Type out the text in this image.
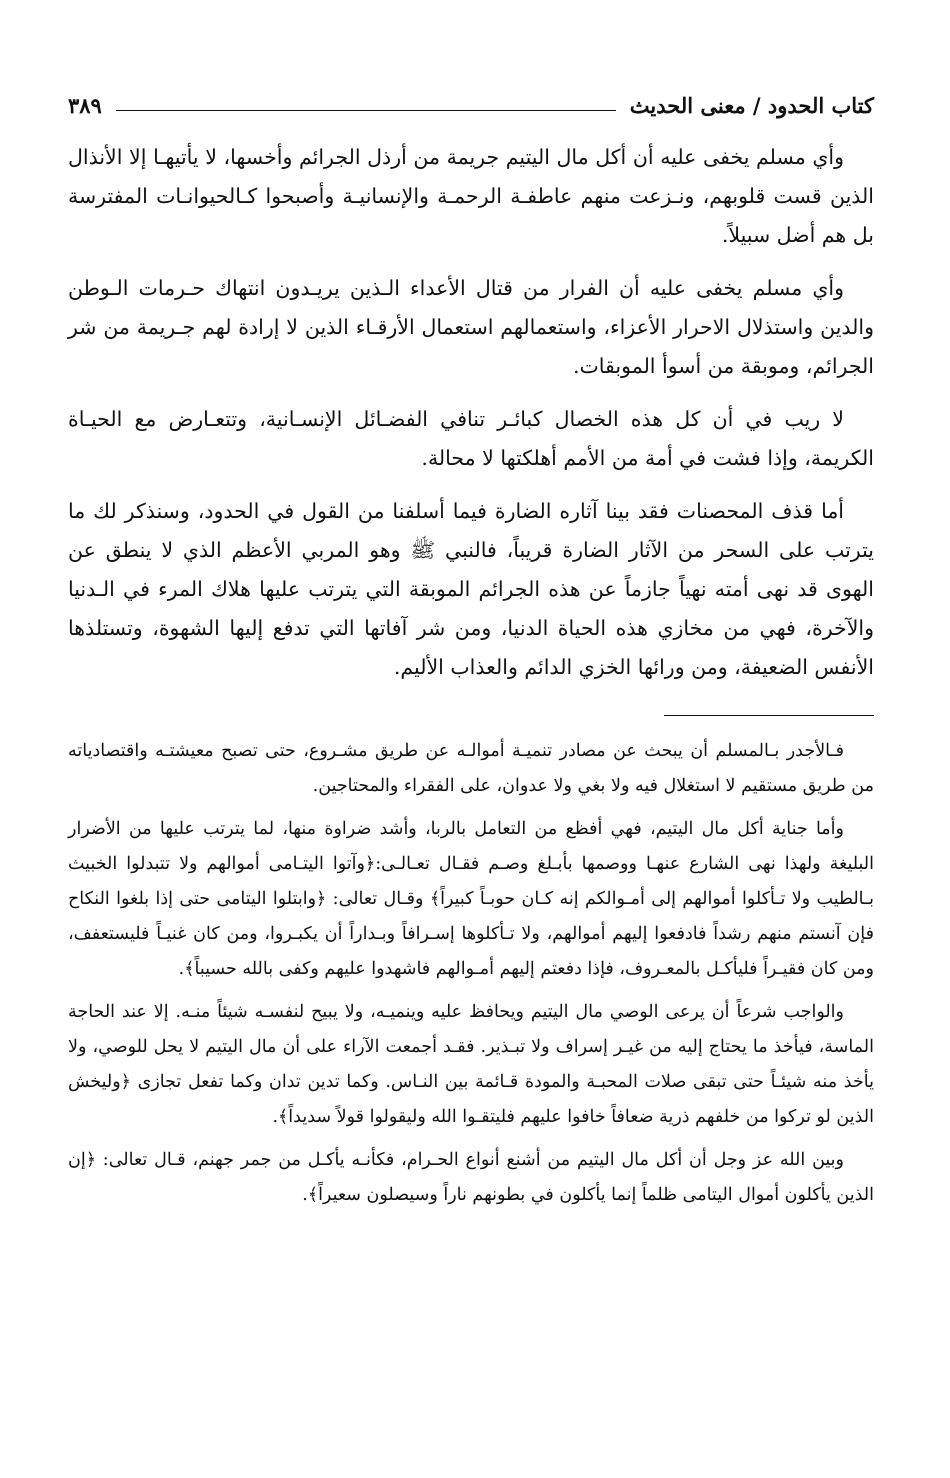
كتاب الحدود / معنى الحديث
٣٨٩

وأي مسلم يخفى عليه أن أكل مال اليتيم جريمة من أرذل الجرائم وأخسها، لا يأتيهـا إلا الأنذال الذين قست قلوبهم، ونـزعت منهم عاطفـة الرحمـة والإنسانيـة وأصبحوا كـالحيوانـات المفترسة بل هم أضل سبيلاً.

وأي مسلم يخفى عليه أن الفرار من قتال الأعداء الـذين يريـدون انتهاك حـرمات الـوطن والدين واستذلال الاحرار الأعزاء، واستعمالهم استعمال الأرقـاء الذين لا إرادة لهم جـريمة من شر الجرائم، وموبقة من أسوأ الموبقات.

لا ريب في أن كل هذه الخصال كبائـر تنافي الفضـائل الإنسـانية، وتتعـارض مع الحيـاة الكريمة، وإذا فشت في أمة من الأمم أهلكتها لا محالة.

أما قذف المحصنات فقد بينا آثاره الضارة فيما أسلفنا من القول في الحدود، وسنذكر لك ما يترتب على السحر من الآثار الضارة قريباً، فالنبي ﷺ وهو المربي الأعظم الذي لا ينطق عن الهوى قد نهى أمته نهياً جازماً عن هذه الجرائم الموبقة التي يترتب عليها هلاك المرء في الـدنيا والآخرة، فهي من مخازي هذه الحياة الدنيا، ومن شر آفاتها التي تدفع إليها الشهوة، وتستلذها الأنفس الضعيفة، ومن ورائها الخزي الدائم والعذاب الأليم.

فـالأجدر بـالمسلم أن يبحث عن مصادر تنميـة أموالـه عن طريق مشـروع، حتى تصبح معيشتـه واقتصادياته من طريق مستقيم لا استغلال فيه ولا بغي ولا عدوان، على الفقراء والمحتاجين.

وأما جناية أكل مال اليتيم، فهي أفظع من التعامل بالربا، وأشد ضراوة منها، لما يترتب عليها من الأضرار البليغة ولهذا نهى الشارع عنهـا ووصمها بأبـلغ وصـم فقـال تعـالـى:﴿وآتوا اليتـامى أموالهم ولا تتبدلوا الخبيث بـالطيب ولا تـأكلوا أموالهم إلى أمـوالكم إنه كـان حوبـاً كبيراً﴾ وقـال تعالى: ﴿وابتلوا اليتامى حتى إذا بلغوا النكاح فإن آنستم منهم رشداً فادفعوا إليهم أموالهم، ولا تـأكلوها إسـرافاً وبـداراً أن يكبـروا، ومن كان غنيـاً فليستعفف، ومن كان فقيـراً فليأكـل بالمعـروف، فإذا دفعتم إليهم أمـوالهم فاشهدوا عليهم وكفى بالله حسيباً﴾.

والواجب شرعاً أن يرعى الوصي مال اليتيم ويحافظ عليه وينميـه، ولا يبيح لنفسـه شيئاً منـه. إلا عند الحاجة الماسة، فيأخذ ما يحتاج إليه من غيـر إسراف ولا تبـذير. فقـد أجمعت الآراء على أن مال اليتيم لا يحل للوصي، ولا يأخذ منه شيئـاً حتى تبقى صلات المحبـة والمودة قـائمة بين النـاس. وكما تدين تدان وكما تفعل تجازى ﴿وليخش الذين لو تركوا من خلفهم ذرية ضعافاً خافوا عليهم فليتقـوا الله وليقولوا قولاً سديداً﴾.

وبين الله عز وجل أن أكل مال اليتيم من أشنع أنواع الحـرام، فكأنـه يأكـل من جمر جهنم، قـال تعالى: ﴿إن الذين يأكلون أموال اليتامى ظلماً إنما يأكلون في بطونهم ناراً وسيصلون سعيراً﴾.
